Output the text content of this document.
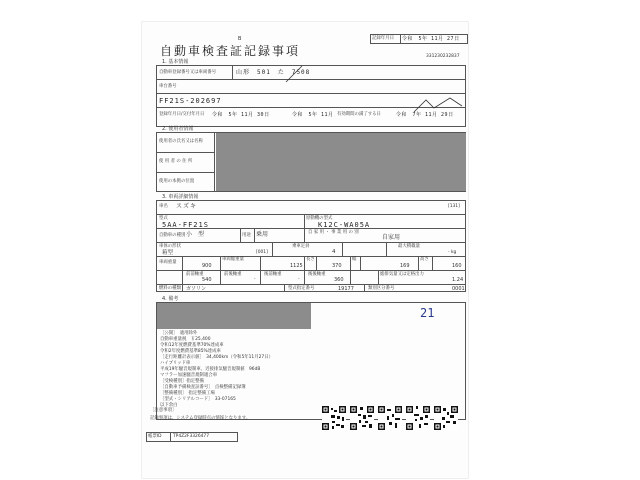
B
自動車検査証記録事項
記録年月日 令和　5年 11月 27日
331230232837
1. 基本情報
自動車登録番号又は車両番号	山形　501　た　7508
車台番号
FF21S-202697
登録年月日/交付年月日 令和　5年 11月 30日	令和　5年 11月 有効期間の満了する日	令和　7年 11月 29日
2. 使用者情報
使用者の氏名又は名称
使 用 者 の 住 所
使用の本拠の位置
3. 車両詳細情報
車名 スズキ	[131]
型式
5AA-FF21S
原動機の型式
K12C-WA05A
自動車の種別 小　型	用途 乗用	自 家 用 ・ 事 業 用 の 別
自家用
車体の形状
箱型	[001]
乗車定員
4
最大積載量
- kg
車両重量
900
車両総重量
1125
長さ
370
幅
169
高さ
160
前前軸重
540
前後軸重
-
後前軸重
-
後後軸重
360
総排気量又は定格出力
1.24
燃料の種類 ガソリン	型式指定番号	19177	類別区分番号	0001
4. 備考
21
［公開］　適用除外
自動車重量税　￥25,400
令和12年度燃費基準70%達成車
令和2年度燃費基準85%達成車
［走行距離計表示値］　34,400km（令和5年11月27日）
ハイブリッド車
平成19年騒音規制車、近接排気騒音規制値　96dB
マフラー加速騒音規制適合車
［受検種別］指定整備
［自動車予備検査証番号］　点検整備記録簿
［整備種別］　指定整備工場
［型式・シリアルコード］　33-07165
以下余白
［注意事項］
記録事項は、システム登録時点の情報となります。
帳票ID	TP4Z2F3326477
